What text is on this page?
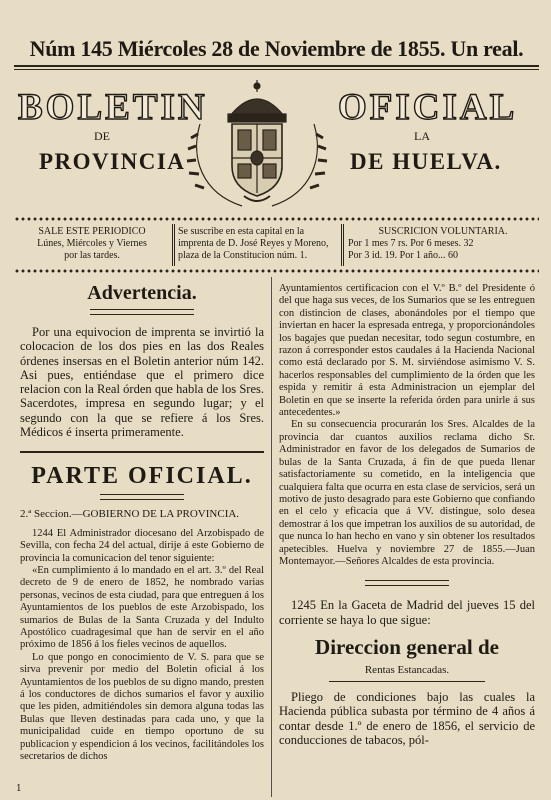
Núm 145 Miércoles 28 de Noviembre de 1855. Un real.
BOLETIN	OFICIAL
DE	LA
PROVINCIA	DE HUELVA.
SALE ESTE PERIODICO
Lúnes, Miércoles y Viernes
por las tardes.
Se suscribe en esta capital en la
imprenta de D. José Reyes y Moreno,
plaza de la Constitucion núm. 1.
SUSCRICION VOLUNTARIA.
Por 1 mes 7 rs. Por 6 meses. 32
Por 3 id. 19. Por 1 año... 60
Advertencia.

Por una equivocion de imprenta se invirtió la colocacion de los dos pies en las dos Reales órdenes insersas en el Boletin anterior núm 142. Asi pues, entiéndase que el primero dice relacion con la Real órden que habla de los Sres. Sacerdotes, impresa en segundo lugar; y el segundo con la que se refiere á los Sres. Médicos é inserta primeramente.

PARTE OFICIAL.

2.ª Seccion.—GOBIERNO DE LA PROVINCIA.

1244 El Administrador diocesano del Arzobispado de Sevilla, con fecha 24 del actual, dirije á este Gobierno de provincia la comunicacion del tenor siguiente:

«En cumplimiento á lo mandado en el art. 3.º del Real decreto de 9 de enero de 1852, he nombrado varias personas, vecinos de esta ciudad, para que entreguen á los Ayuntamientos de los pueblos de este Arzobispado, los sumarios de Bulas de la Santa Cruzada y del Indulto Apostólico cuadragesimal que han de servir en el año próximo de 1856 á los fieles vecinos de aquellos.

Lo que pongo en conocimiento de V. S. para que se sirva prevenir por medio del Boletin oficial á los Ayuntamientos de los pueblos de su digno mando, presten á los conductores de dichos sumarios el favor y auxilio que les piden, admitiéndoles sin demora alguna todas las Bulas que lleven destinadas para cada uno, y que la municipalidad cuide en tiempo oportuno de su publicacion y espendicion á los vecinos, facilitándoles los secretarios de dichos

Ayuntamientos certificacion con el V.º B.º del Presidente ó del que haga sus veces, de los Sumarios que se les entreguen con distincion de clases, abonándoles por el tiempo que inviertan en hacer la espresada entrega, y proporcionándoles los bagajes que puedan necesitar, todo segun costumbre, en razon á corresponder estos caudales á la Hacienda Nacional como está declarado por S. M. sirviéndose asimismo V. S. hacerlos responsables del cumplimiento de la órden que les espida y remitir á esta Administracion un ejemplar del Boletin en que se inserte la referida órden para unirle á sus antecedentes.»

En su consecuencia procurarán los Sres. Alcaldes de la provincia dar cuantos auxilios reclama dicho Sr. Administrador en favor de los delegados de Sumarios de bulas de la Santa Cruzada, á fin de que pueda llenar satisfactoriamente su cometido, en la inteligencia que cualquiera falta que ocurra en esta clase de servicios, será un motivo de justo desagrado para este Gobierno que confiando en el celo y eficacia que á VV. distingue, solo desea demostrar á los que impetran los auxilios de su autoridad, de que nunca lo han hecho en vano y sin obtener los resultados apetecibles. Huelva y noviembre 27 de 1855.—Juan Montemayor.—Señores Alcaldes de esta provincia.

1245 En la Gaceta de Madrid del jueves 15 del corriente se haya lo que sigue:

Direccion general de
Rentas Estancadas.

Pliego de condiciones bajo las cuales la Hacienda pública subasta por término de 4 años á contar desde 1.º de enero de 1856, el servicio de conducciones de tabacos, pól-

1
